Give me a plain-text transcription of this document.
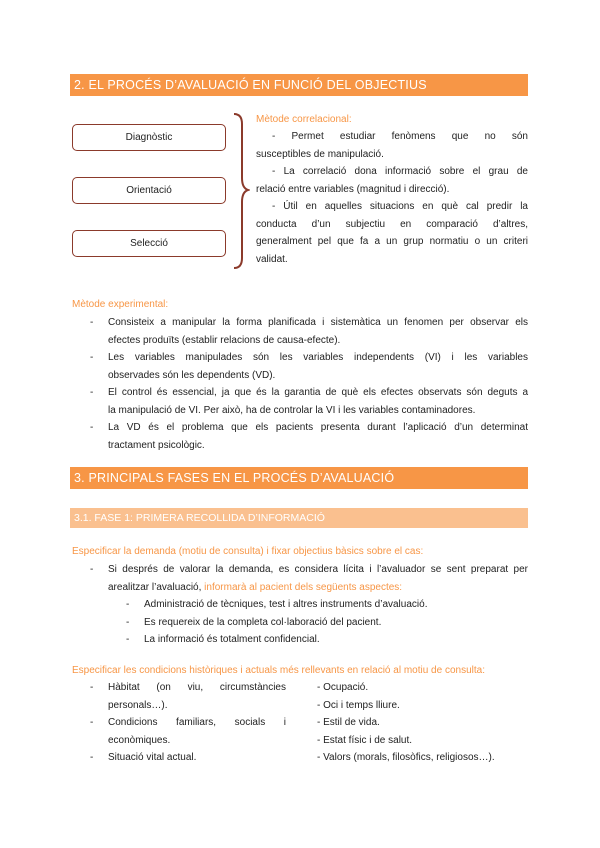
2. EL PROCÉS D’AVALUACIÓ EN FUNCIÓ DEL OBJECTIUS
Diagnòstic
Orientació
Selecció
Mètode correlacional:
- Permet estudiar fenòmens que no són
susceptibles de manipulació.
- La correlació dona informació sobre el grau de
relació entre variables (magnitud i direcció).
- Útil en aquelles situacions en què cal predir la
conducta d’un subjectiu en comparació d’altres,
generalment pel que fa a un grup normatiu o un criteri
validat.
Mètode experimental:
- Consisteix a manipular la forma planificada i sistemàtica un fenomen per observar els
efectes produïts (establir relacions de causa-efecte).
- Les variables manipulades són les variables independents (VI) i les variables
observades són les dependents (VD).
- El control és essencial, ja que és la garantia de què els efectes observats són deguts a
la manipulació de VI. Per això, ha de controlar la VI i les variables contaminadores.
- La VD és el problema que els pacients presenta durant l’aplicació d’un determinat
tractament psicològic.
3. PRINCIPALS FASES EN EL PROCÉS D’AVALUACIÓ
3.1. FASE 1: PRIMERA RECOLLIDA D’INFORMACIÓ
Especificar la demanda (motiu de consulta) i fixar objectius bàsics sobre el cas:
- Si després de valorar la demanda, es considera lícita i l’avaluador se sent preparat per
arealitzar l’avaluació, informarà al pacient dels següents aspectes:
- Administració de tècniques, test i altres instruments d’avaluació.
- Es requereix de la completa col·laboració del pacient.
- La informació és totalment confidencial.
Especificar les condicions històriques i actuals més rellevants en relació al motiu de consulta:
- Hàbitat (on viu, circumstàncies
personals…).
- Condicions familiars, socials i
econòmiques.
- Situació vital actual.
- Ocupació.
- Oci i temps lliure.
- Estil de vida.
- Estat físic i de salut.
- Valors (morals, filosòfics, religiosos…).
